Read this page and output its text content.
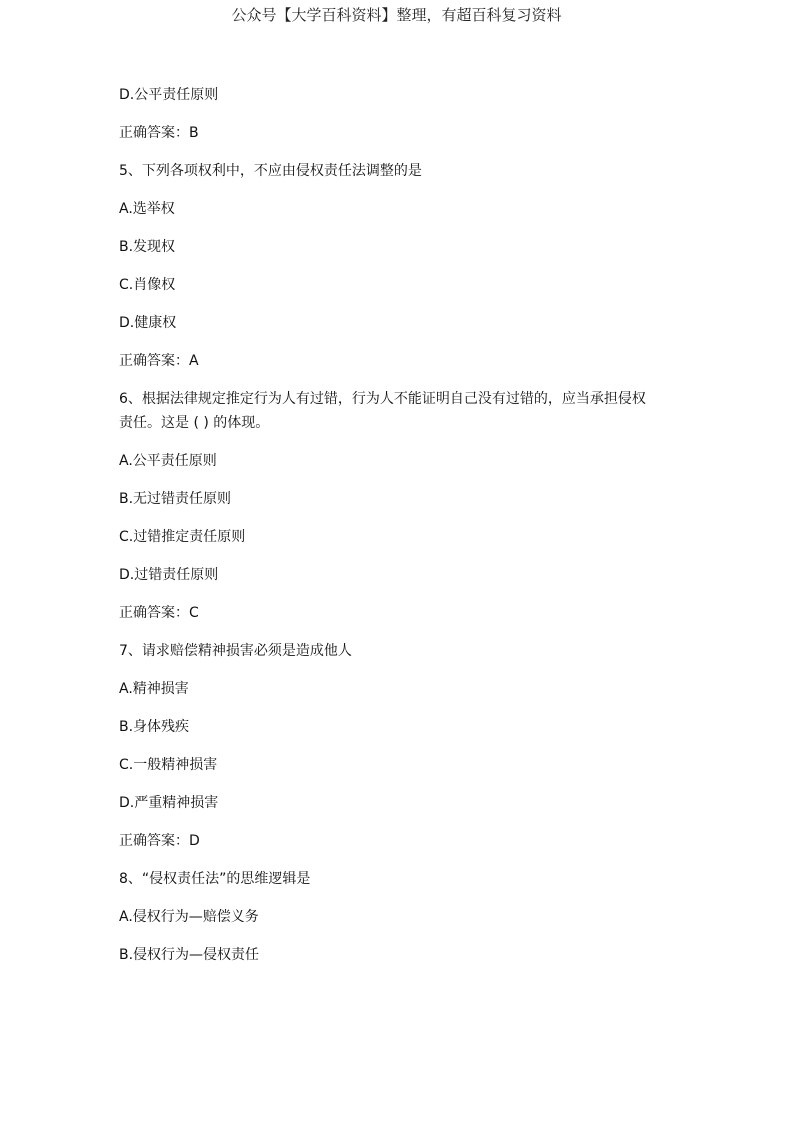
公众号【大学百科资料】整理，有超百科复习资料
D.公平责任原则
正确答案：B
5、下列各项权利中，不应由侵权责任法调整的是
A.选举权
B.发现权
C.肖像权
D.健康权
正确答案：A
6、根据法律规定推定行为人有过错，行为人不能证明自己没有过错的，应当承担侵权
责任。这是 ( ) 的体现。
A.公平责任原则
B.无过错责任原则
C.过错推定责任原则
D.过错责任原则
正确答案：C
7、请求赔偿精神损害必须是造成他人
A.精神损害
B.身体残疾
C.一般精神损害
D.严重精神损害
正确答案：D
8、“侵权责任法”的思维逻辑是
A.侵权行为—赔偿义务
B.侵权行为—侵权责任
